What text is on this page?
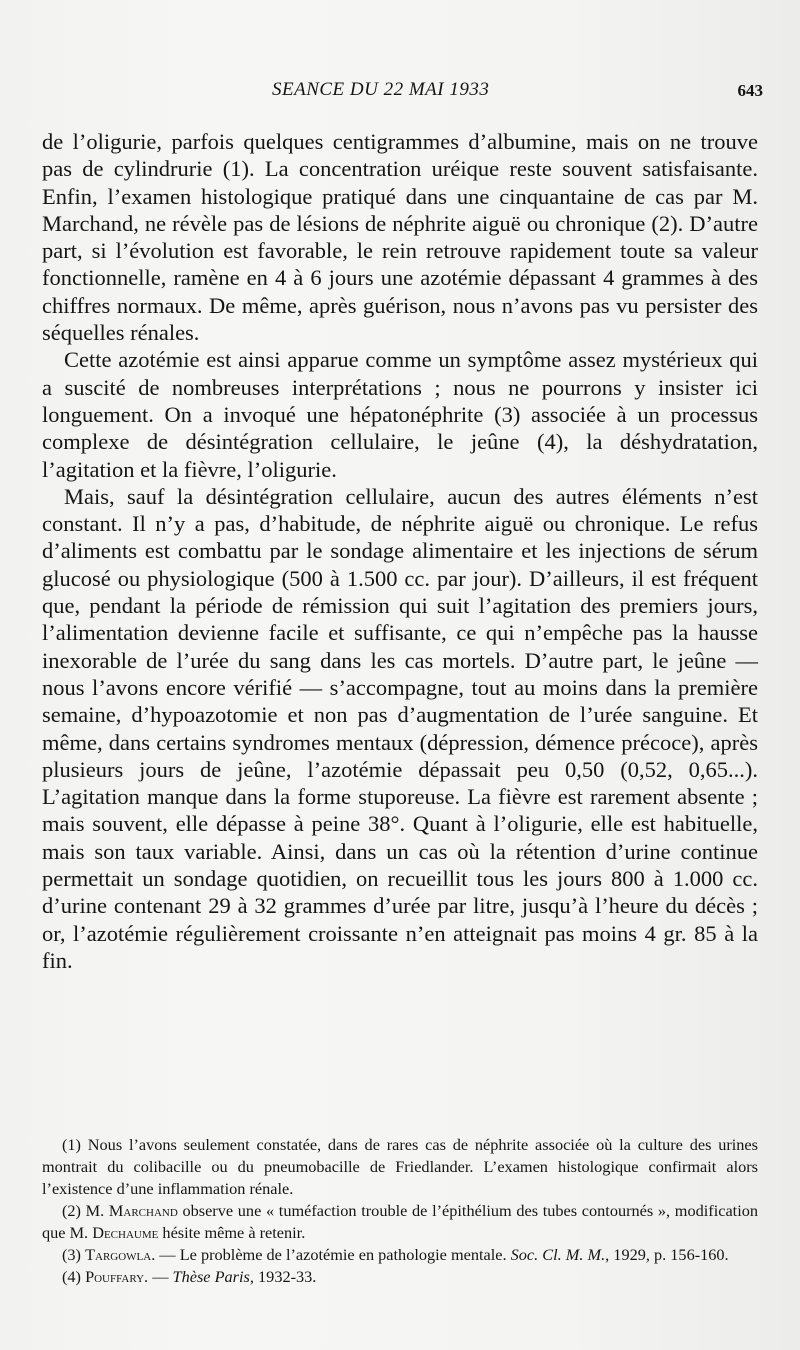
SEANCE DU 22 MAI 1933	643

de l’oligurie, parfois quelques centigrammes d’albumine, mais on ne trouve pas de cylindrurie (1). La concentration uréique reste souvent satisfaisante. Enfin, l’examen histologique pratiqué dans une cinquantaine de cas par M. Marchand, ne révèle pas de lésions de néphrite aiguë ou chronique (2). D’autre part, si l’évolution est favorable, le rein retrouve rapidement toute sa valeur fonctionnelle, ramène en 4 à 6 jours une azotémie dépassant 4 grammes à des chiffres normaux. De même, après guérison, nous n’avons pas vu persister des séquelles rénales.

Cette azotémie est ainsi apparue comme un symptôme assez mystérieux qui a suscité de nombreuses interprétations ; nous ne pourrons y insister ici longuement. On a invoqué une hépatonéphrite (3) associée à un processus complexe de désintégration cellulaire, le jeûne (4), la déshydratation, l’agitation et la fièvre, l’oligurie.

Mais, sauf la désintégration cellulaire, aucun des autres éléments n’est constant. Il n’y a pas, d’habitude, de néphrite aiguë ou chronique. Le refus d’aliments est combattu par le sondage alimentaire et les injections de sérum glucosé ou physiologique (500 à 1.500 cc. par jour). D’ailleurs, il est fréquent que, pendant la période de rémission qui suit l’agitation des premiers jours, l’alimentation devienne facile et suffisante, ce qui n’empêche pas la hausse inexorable de l’urée du sang dans les cas mortels. D’autre part, le jeûne — nous l’avons encore vérifié — s’accompagne, tout au moins dans la première semaine, d’hypoazotomie et non pas d’augmentation de l’urée sanguine. Et même, dans certains syndromes mentaux (dépression, démence précoce), après plusieurs jours de jeûne, l’azotémie dépassait peu 0,50 (0,52, 0,65...). L’agitation manque dans la forme stuporeuse. La fièvre est rarement absente ; mais souvent, elle dépasse à peine 38°. Quant à l’oligurie, elle est habituelle, mais son taux variable. Ainsi, dans un cas où la rétention d’urine continue permettait un sondage quotidien, on recueillit tous les jours 800 à 1.000 cc. d’urine contenant 29 à 32 grammes d’urée par litre, jusqu’à l’heure du décès ; or, l’azotémie régulièrement croissante n’en atteignait pas moins 4 gr. 85 à la fin.

(1) Nous l’avons seulement constatée, dans de rares cas de néphrite associée où la culture des urines montrait du colibacille ou du pneumobacille de Friedlander. L’examen histologique confirmait alors l’existence d’une inflammation rénale.

(2) M. Marchand observe une « tuméfaction trouble de l’épithélium des tubes contournés », modification que M. Dechaume hésite même à retenir.

(3) Targowla. — Le problème de l’azotémie en pathologie mentale. Soc. Cl. M. M., 1929, p. 156-160.

(4) Pouffary. — Thèse Paris, 1932-33.
